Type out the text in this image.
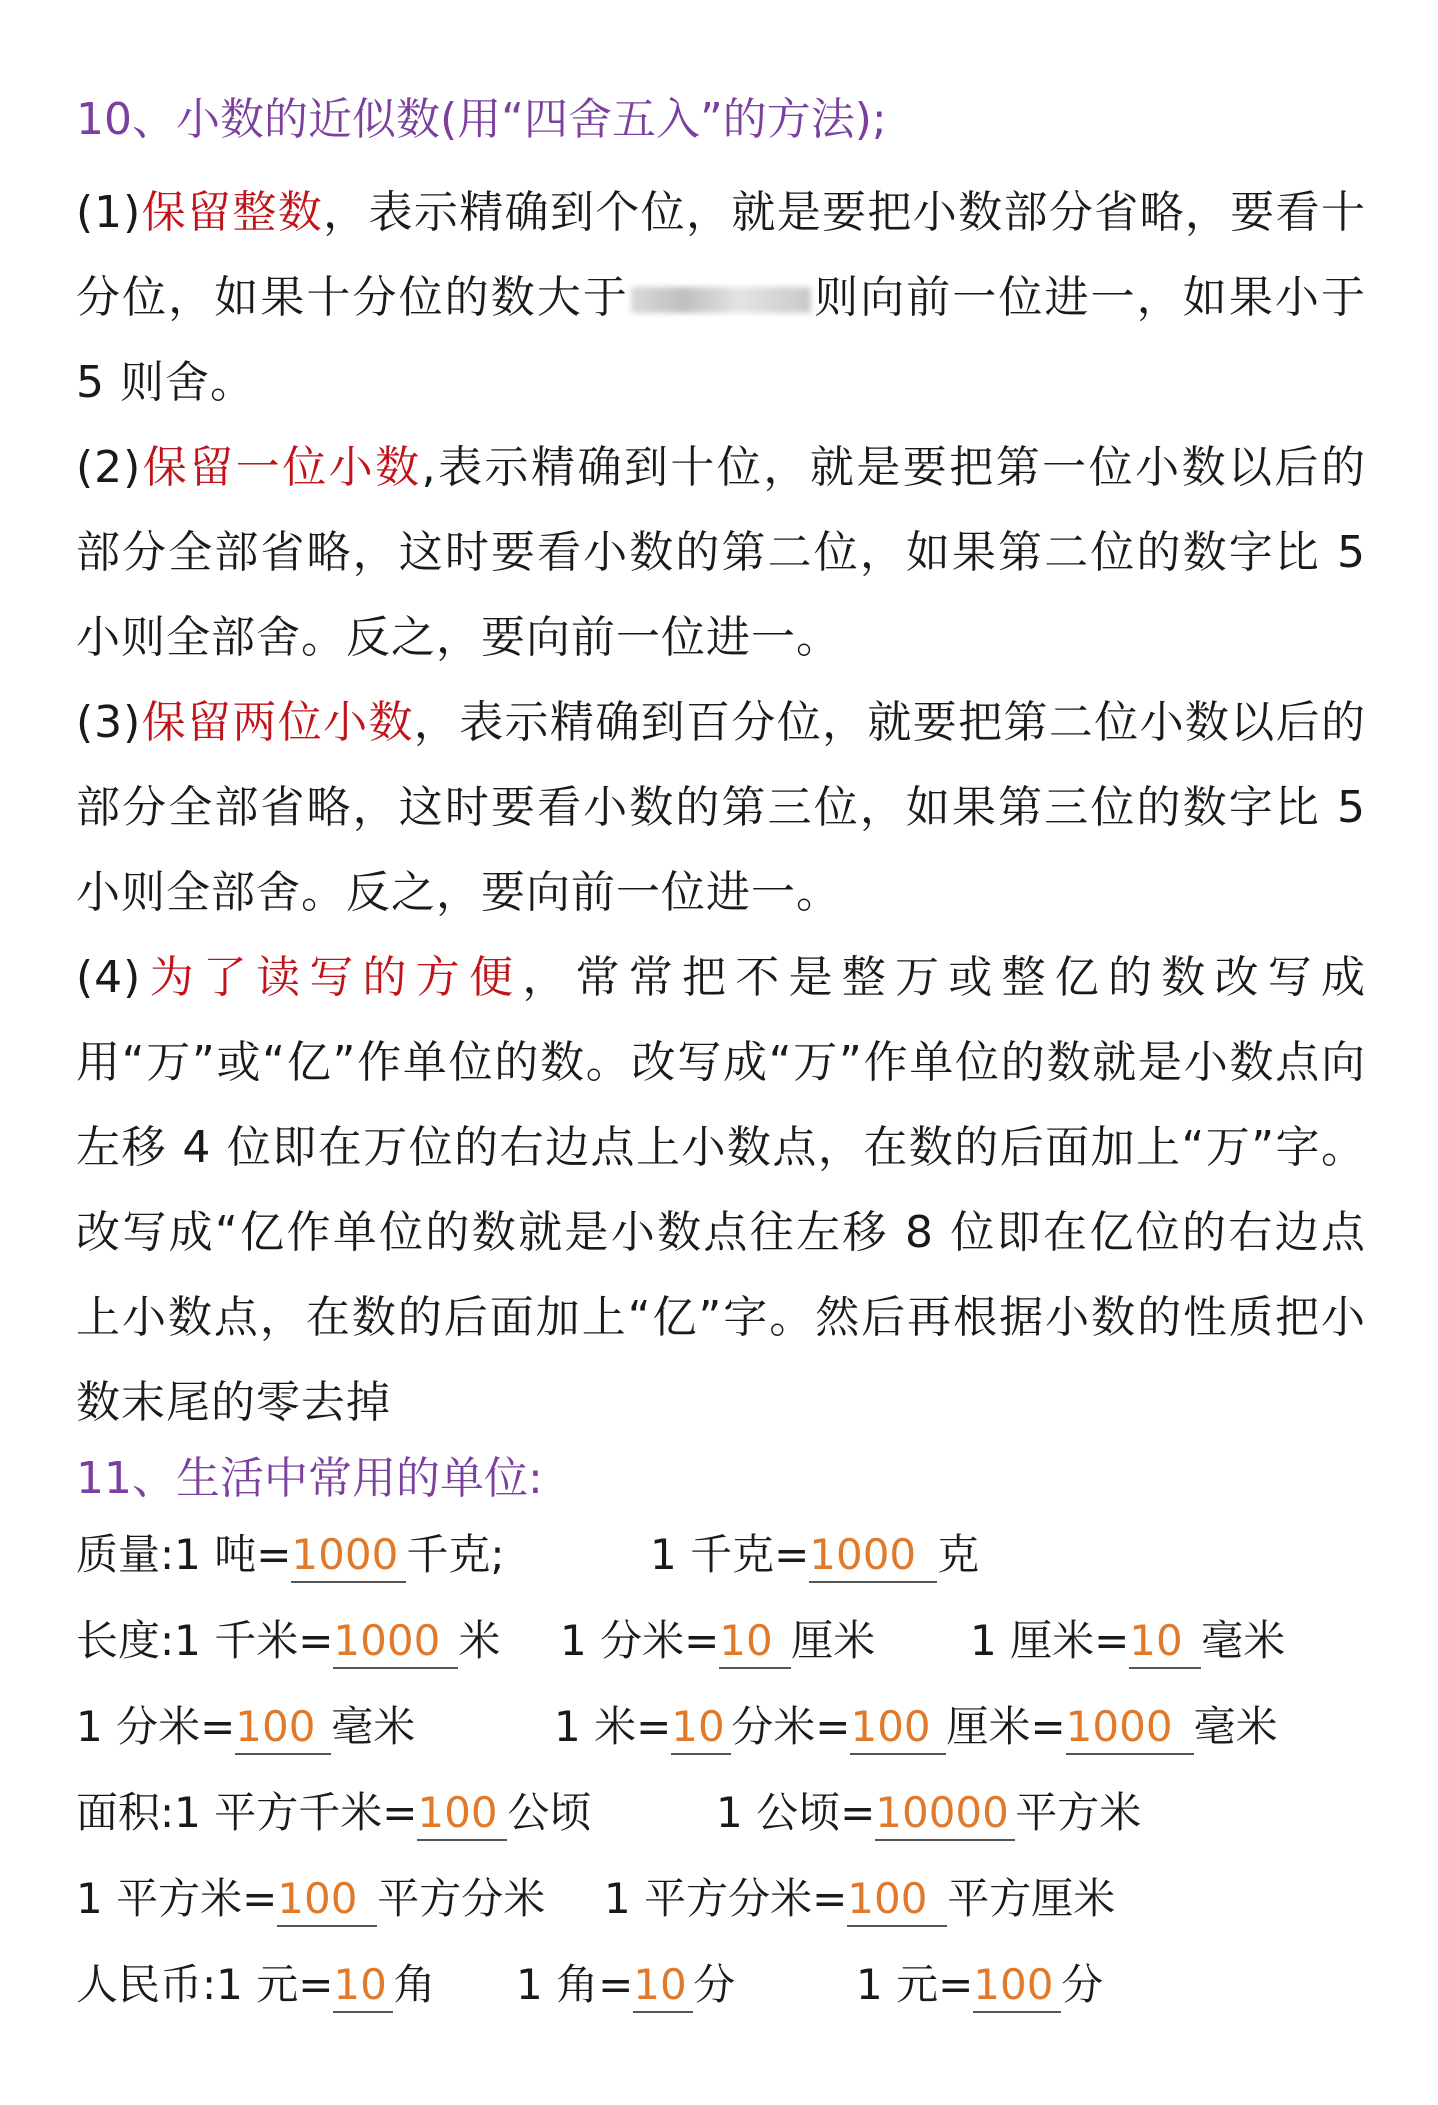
10、小数的近似数(用“四舍五入”的方法);

(1)保留整数，表示精确到个位，就是要把小数部分省略，要看十分位，如果十分位的数大于	则向前一位进一，如果小于 5 则舍。

(2)保留一位小数,表示精确到十位，就是要把第一位小数以后的部分全部省略，这时要看小数的第二位，如果第二位的数字比 5 小则全部舍。反之，要向前一位进一。

(3)保留两位小数，表示精确到百分位，就要把第二位小数以后的部分全部省略，这时要看小数的第三位，如果第三位的数字比 5 小则全部舍。反之，要向前一位进一。

(4)为了读写的方便，常常把不是整万或整亿的数改写成用“万”或“亿”作单位的数。改写成“万”作单位的数就是小数点向左移 4 位即在万位的右边点上小数点，在数的后面加上“万”字。改写成“亿作单位的数就是小数点往左移 8 位即在亿位的右边点上小数点，在数的后面加上“亿”字。然后再根据小数的性质把小数末尾的零去掉

11、生活中常用的单位:
质量:1 吨=1000 千克;	1 千克=1000 克
长度:1 千米=1000 米 1 分米=10 厘米 1 厘米=10 毫米
1 分米=100 毫米	1 米=10 分米=100 厘米=1000 毫米
面积:1 平方千米=100 公顷	1 公顷=10000 平方米
1 平方米=100 平方分米 1 平方分米=100 平方厘米
人民币:1 元=10 角 1 角=10 分	1 元=100 分
